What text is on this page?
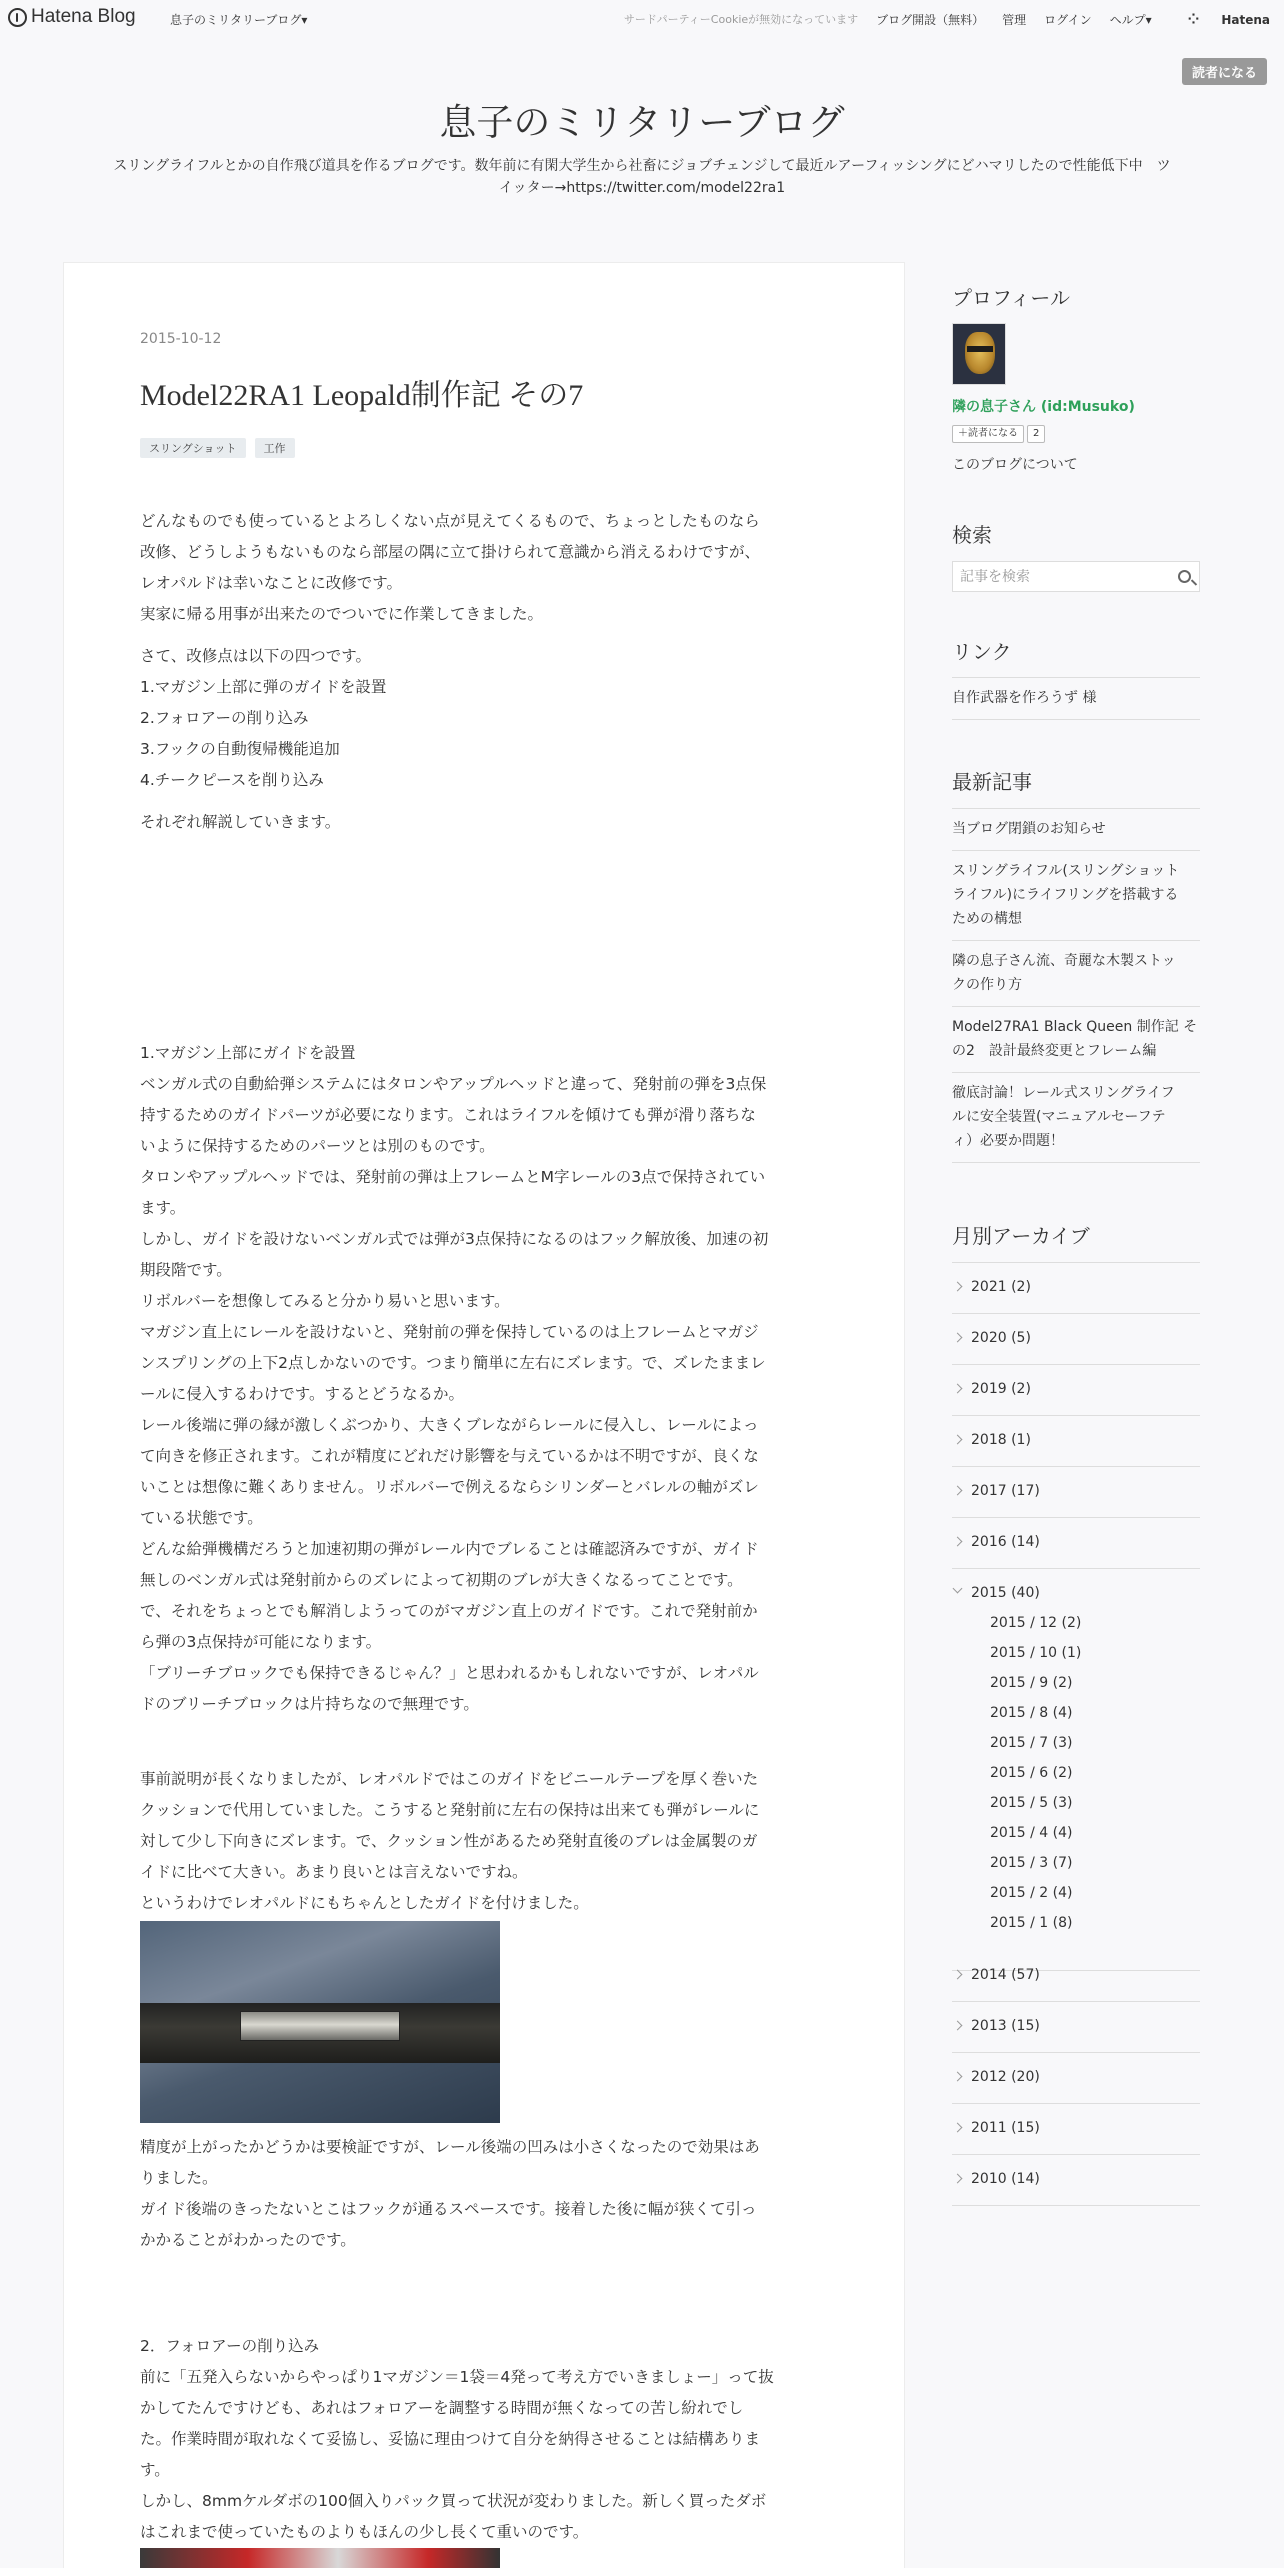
Hatena Blog	息子のミリタリーブログ▾	サードパーティーCookieが無効になっています ブログ開設（無料） 管理 ログイン ヘルプ▾	⁘ Hatena
読者になる
息子のミリタリーブログ
スリングライフルとかの自作飛び道具を作るブログです。数年前に有閑大学生から社畜にジョブチェンジして最近ルアーフィッシングにどハマリしたので性能低下中　ツ
イッター→https://twitter.com/model22ra1
2015-10-12
Model22RA1 Leopald制作記 その7
スリングショット	工作

どんなものでも使っているとよろしくない点が見えてくるもので、ちょっとしたものなら

改修、どうしようもないものなら部屋の隅に立て掛けられて意識から消えるわけですが、

レオパルドは幸いなことに改修です。

実家に帰る用事が出来たのでついでに作業してきました。

さて、改修点は以下の四つです。

1.マガジン上部に弾のガイドを設置

2.フォロアーの削り込み

3.フックの自動復帰機能追加

4.チークピースを削り込み

それぞれ解説していきます。

1.マガジン上部にガイドを設置

ベンガル式の自動給弾システムにはタロンやアップルヘッドと違って、発射前の弾を3点保

持するためのガイドパーツが必要になります。これはライフルを傾けても弾が滑り落ちな

いように保持するためのパーツとは別のものです。

タロンやアップルヘッドでは、発射前の弾は上フレームとM字レールの3点で保持されてい

ます。

しかし、ガイドを設けないベンガル式では弾が3点保持になるのはフック解放後、加速の初

期段階です。

リボルバーを想像してみると分かり易いと思います。

マガジン直上にレールを設けないと、発射前の弾を保持しているのは上フレームとマガジ

ンスプリングの上下2点しかないのです。つまり簡単に左右にズレます。で、ズレたままレ

ールに侵入するわけです。するとどうなるか。

レール後端に弾の縁が激しくぶつかり、大きくブレながらレールに侵入し、レールによっ

て向きを修正されます。これが精度にどれだけ影響を与えているかは不明ですが、良くな

いことは想像に難くありません。リボルバーで例えるならシリンダーとバレルの軸がズレ

ている状態です。

どんな給弾機構だろうと加速初期の弾がレール内でブレることは確認済みですが、ガイド

無しのベンガル式は発射前からのズレによって初期のブレが大きくなるってことです。

で、それをちょっとでも解消しようってのがマガジン直上のガイドです。これで発射前か

ら弾の3点保持が可能になります。

「ブリーチブロックでも保持できるじゃん？」と思われるかもしれないですが、レオパル

ドのブリーチブロックは片持ちなので無理です。

事前説明が長くなりましたが、レオパルドではこのガイドをビニールテープを厚く巻いた

クッションで代用していました。こうすると発射前に左右の保持は出来ても弾がレールに

対して少し下向きにズレます。で、クッション性があるため発射直後のブレは金属製のガ

イドに比べて大きい。あまり良いとは言えないですね。

というわけでレオパルドにもちゃんとしたガイドを付けました。

精度が上がったかどうかは要検証ですが、レール後端の凹みは小さくなったので効果はあ

りました。

ガイド後端のきったないとこはフックが通るスペースです。接着した後に幅が狭くて引っ

かかることがわかったのです。

2．フォロアーの削り込み

前に「五発入らないからやっぱり1マガジン＝1袋＝4発って考え方でいきましょー」って抜

かしてたんですけども、あれはフォロアーを調整する時間が無くなっての苦し紛れでし

た。作業時間が取れなくて妥協し、妥協に理由つけて自分を納得させることは結構ありま

す。

しかし、8mmケルダボの100個入りパック買って状況が変わりました。新しく買ったダボ

はこれまで使っていたものよりもほんの少し長くて重いのです。

プロフィール
隣の息子さん (id:Musuko)
＋読者になる	2
このブログについて
検索
記事を検索
リンク
自作武器を作ろうず 様
最新記事
当ブログ閉鎖のお知らせ
スリングライフル(スリングショット
ライフル)にライフリングを搭載する
ための構想
隣の息子さん流、奇麗な木製ストッ
クの作り方
Model27RA1 Black Queen 制作記 そ
の2　設計最終変更とフレーム編
徹底討論！レール式スリングライフ
ルに安全装置(マニュアルセーフテ
ィ）必要か問題！
月別アーカイブ
2021 (2)
2020 (5)
2019 (2)
2018 (1)
2017 (17)
2016 (14)
2015 (40)
2015 / 12 (2)
2015 / 10 (1)
2015 / 9 (2)
2015 / 8 (4)
2015 / 7 (3)
2015 / 6 (2)
2015 / 5 (3)
2015 / 4 (4)
2015 / 3 (7)
2015 / 2 (4)
2015 / 1 (8)
2014 (57)
2013 (15)
2012 (20)
2011 (15)
2010 (14)
